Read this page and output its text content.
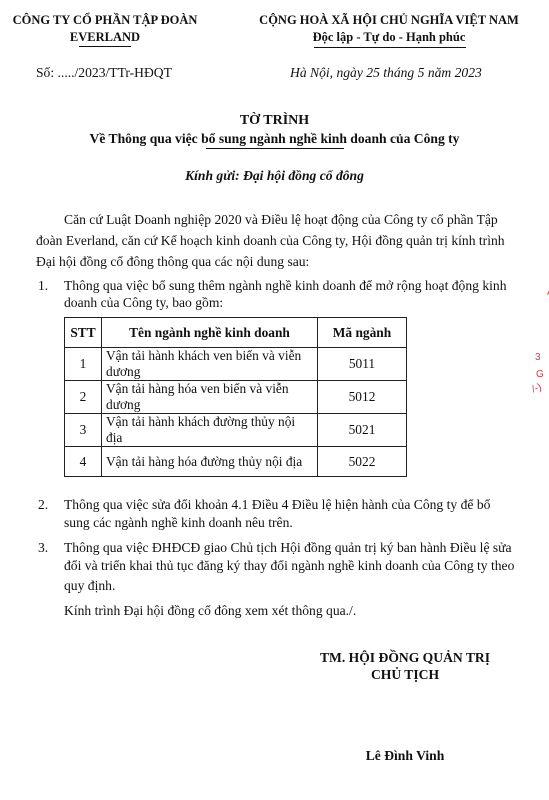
CÔNG TY CỔ PHẦN TẬP ĐOÀN
EVERLAND
CỘNG HOÀ XÃ HỘI CHỦ NGHĨA VIỆT NAM
Độc lập - Tự do - Hạnh phúc
Số: ...../2023/TTr-HĐQT	Hà Nội, ngày 25 tháng 5 năm 2023
TỜ TRÌNH
Về Thông qua việc bổ sung ngành nghề kinh doanh của Công ty
Kính gửi: Đại hội đồng cổ đông
Căn cứ Luật Doanh nghiệp 2020 và Điều lệ hoạt động của Công ty cổ phần Tập
đoàn Everland, căn cứ Kế hoạch kinh doanh của Công ty, Hội đồng quản trị kính trình
Đại hội đồng cổ đông thông qua các nội dung sau:
1. Thông qua việc bổ sung thêm ngành nghề kinh doanh để mở rộng hoạt động kinh
doanh của Công ty, bao gồm:
STT	Tên ngành nghề kinh doanh	Mã ngành
1	Vận tải hành khách ven biển và viễn dương	5011
2	Vận tải hàng hóa ven biển và viễn dương	5012
3	Vận tải hành khách đường thủy nội địa	5021
4	Vận tải hàng hóa đường thủy nội địa	5022
2. Thông qua việc sửa đổi khoản 4.1 Điều 4 Điều lệ hiện hành của Công ty để bổ
sung các ngành nghề kinh doanh nêu trên.
3. Thông qua việc ĐHĐCĐ giao Chủ tịch Hội đồng quản trị ký ban hành Điều lệ sửa
đổi và triển khai thủ tục đăng ký thay đổi ngành nghề kinh doanh của Công ty theo
quy định.
Kính trình Đại hội đồng cổ đông xem xét thông qua./.
TM. HỘI ĐỒNG QUẢN TRỊ
CHỦ TỊCH
Lê Đình Vinh
3
G
/-)
